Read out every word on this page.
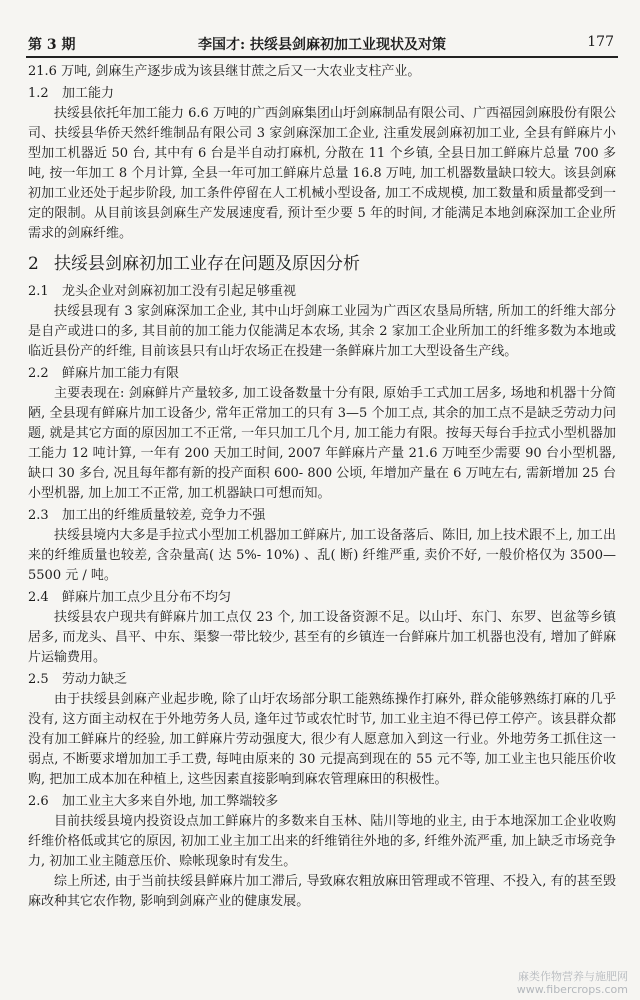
第 3 期	李国才: 扶绥县剑麻初加工业现状及对策	177

21.6 万吨, 剑麻生产逐步成为该县继甘蔗之后又一大农业支柱产业。

1.2 加工能力

扶绥县依托年加工能力 6.6 万吨的广西剑麻集团山圩剑麻制品有限公司、广西福园剑麻股份有限公司、扶绥县华侨天然纤维制品有限公司 3 家剑麻深加工企业, 注重发展剑麻初加工业, 全县有鲜麻片小型加工机器近 50 台, 其中有 6 台是半自动打麻机, 分散在 11 个乡镇, 全县日加工鲜麻片总量 700 多吨, 按一年加工 8 个月计算, 全县一年可加工鲜麻片总量 16.8 万吨, 加工机器数量缺口较大。该县剑麻初加工业还处于起步阶段, 加工条件停留在人工机械小型设备, 加工不成规模, 加工数量和质量都受到一定的限制。从目前该县剑麻生产发展速度看, 预计至少要 5 年的时间, 才能满足本地剑麻深加工企业所需求的剑麻纤维。

2 扶绥县剑麻初加工业存在问题及原因分析
2.1 龙头企业对剑麻初加工没有引起足够重视

扶绥县现有 3 家剑麻深加工企业, 其中山圩剑麻工业园为广西区农垦局所辖, 所加工的纤维大部分是自产或进口的多, 其目前的加工能力仅能满足本农场, 其余 2 家加工企业所加工的纤维多数为本地或临近县份产的纤维, 目前该县只有山圩农场正在投建一条鲜麻片加工大型设备生产线。

2.2 鲜麻片加工能力有限

主要表现在: 剑麻鲜片产量较多, 加工设备数量十分有限, 原始手工式加工居多, 场地和机器十分简陋, 全县现有鲜麻片加工设备少, 常年正常加工的只有 3—5 个加工点, 其余的加工点不是缺乏劳动力问题, 就是其它方面的原因加工不正常, 一年只加工几个月, 加工能力有限。按每天每台手拉式小型机器加工能力 12 吨计算, 一年有 200 天加工时间, 2007 年鲜麻片产量 21.6 万吨至少需要 90 台小型机器, 缺口 30 多台, 况且每年都有新的投产面积 600- 800 公顷, 年增加产量在 6 万吨左右, 需新增加 25 台小型机器, 加上加工不正常, 加工机器缺口可想而知。

2.3 加工出的纤维质量较差, 竞争力不强

扶绥县境内大多是手拉式小型加工机器加工鲜麻片, 加工设备落后、陈旧, 加上技术跟不上, 加工出来的纤维质量也较差, 含杂量高( 达 5%- 10%) 、乱( 断) 纤维严重, 卖价不好, 一般价格仅为 3500—5500 元 / 吨。

2.4 鲜麻片加工点少且分布不均匀

扶绥县农户现共有鲜麻片加工点仅 23 个, 加工设备资源不足。以山圩、东门、东罗、岜盆等乡镇居多, 而龙头、昌平、中东、渠黎一带比较少, 甚至有的乡镇连一台鲜麻片加工机器也没有, 增加了鲜麻片运输费用。

2.5 劳动力缺乏

由于扶绥县剑麻产业起步晚, 除了山圩农场部分职工能熟练操作打麻外, 群众能够熟练打麻的几乎没有, 这方面主动权在于外地劳务人员, 逢年过节或农忙时节, 加工业主迫不得已停工停产。该县群众都没有加工鲜麻片的经验, 加工鲜麻片劳动强度大, 很少有人愿意加入到这一行业。外地劳务工抓住这一弱点, 不断要求增加加工手工费, 每吨由原来的 30 元提高到现在的 55 元不等, 加工业主也只能压价收购, 把加工成本加在种植上, 这些因素直接影响到麻农管理麻田的积极性。

2.6 加工业主大多来自外地, 加工弊端较多

目前扶绥县境内投资设点加工鲜麻片的多数来自玉林、陆川等地的业主, 由于本地深加工企业收购纤维价格低或其它的原因, 初加工业主加工出来的纤维销往外地的多, 纤维外流严重, 加上缺乏市场竞争力, 初加工业主随意压价、赊帐现象时有发生。

综上所述, 由于当前扶绥县鲜麻片加工滞后, 导致麻农粗放麻田管理或不管理、不投入, 有的甚至毁麻改种其它农作物, 影响到剑麻产业的健康发展。

麻类作物营养与施肥网
www.fibercrops.com
